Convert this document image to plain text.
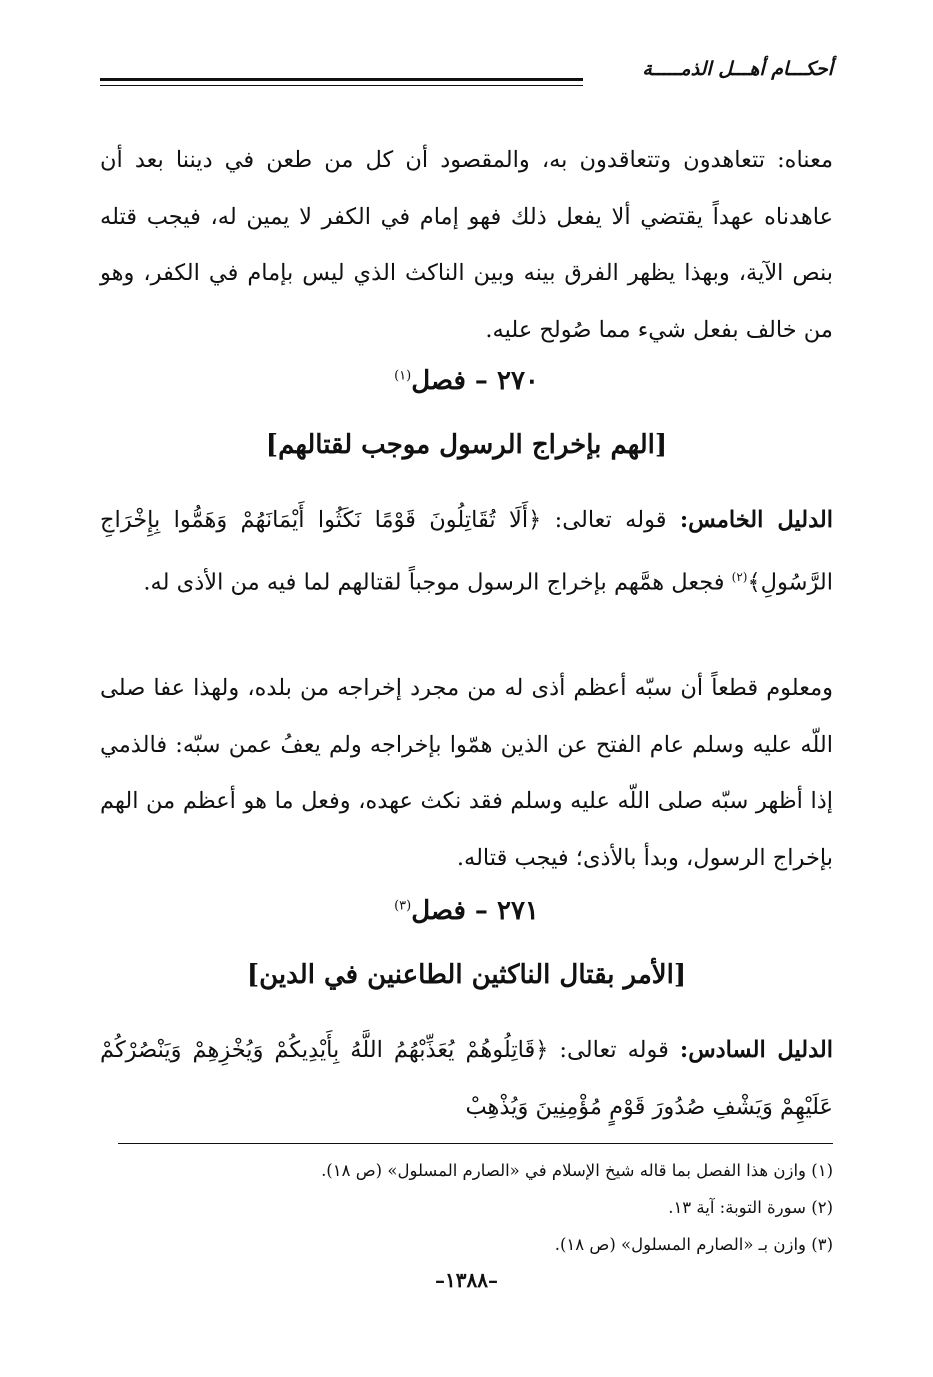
أحكـــام أهـــل الذمـــــة

معناه: تتعاهدون وتتعاقدون به، والمقصود أن كل من طعن في ديننا بعد أن عاهدناه عهداً يقتضي ألا يفعل ذلك فهو إمام في الكفر لا يمين له، فيجب قتله بنص الآية، وبهذا يظهر الفرق بينه وبين الناكث الذي ليس بإمام في الكفر، وهو من خالف بفعل شيء مما صُولح عليه.

٢٧٠ – فصل$^{(١)}$
[الهم بإخراج الرسول موجب لقتالهم]

الدليل الخامس: قوله تعالى: ﴿أَلَا تُقَاتِلُونَ قَوْمًا نَكَثُوا أَيْمَانَهُمْ وَهَمُّوا بِإِخْرَاجِ الرَّسُولِ﴾$^{(٢)}$ فجعل همَّهم بإخراج الرسول موجباً لقتالهم لما فيه من الأذى له.

ومعلوم قطعاً أن سبّه أعظم أذى له من مجرد إخراجه من بلده، ولهذا عفا صلى اللّه عليه وسلم عام الفتح عن الذين همّوا بإخراجه ولم يعفُ عمن سبّه: فالذمي إذا أظهر سبّه صلى اللّه عليه وسلم فقد نكث عهده، وفعل ما هو أعظم من الهم بإخراج الرسول، وبدأ بالأذى؛ فيجب قتاله.

٢٧١ – فصل$^{(٣)}$
[الأمر بقتال الناكثين الطاعنين في الدين]

الدليل السادس: قوله تعالى: ﴿قَاتِلُوهُمْ يُعَذِّبْهُمُ اللَّهُ بِأَيْدِيكُمْ وَيُخْزِهِمْ وَيَنْصُرْكُمْ عَلَيْهِمْ وَيَشْفِ صُدُورَ قَوْمٍ مُؤْمِنِينَ وَيُذْهِبْ

(١) وازن هذا الفصل بما قاله شيخ الإسلام في «الصارم المسلول» (ص ١٨).
(٢) سورة التوبة: آية ١٣.
(٣) وازن بـ «الصارم المسلول» (ص ١٨).
–١٣٨٨–
